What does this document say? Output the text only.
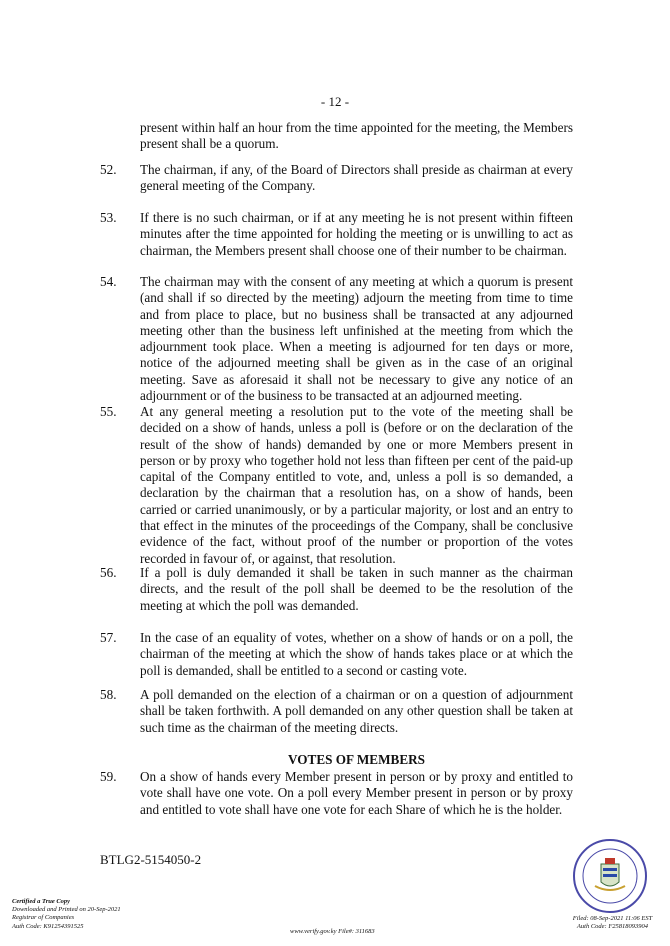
- 12 -
present within half an hour from the time appointed for the meeting, the Members present shall be a quorum.
52. The chairman, if any, of the Board of Directors shall preside as chairman at every general meeting of the Company.
53. If there is no such chairman, or if at any meeting he is not present within fifteen minutes after the time appointed for holding the meeting or is unwilling to act as chairman, the Members present shall choose one of their number to be chairman.
54. The chairman may with the consent of any meeting at which a quorum is present (and shall if so directed by the meeting) adjourn the meeting from time to time and from place to place, but no business shall be transacted at any adjourned meeting other than the business left unfinished at the meeting from which the adjournment took place. When a meeting is adjourned for ten days or more, notice of the adjourned meeting shall be given as in the case of an original meeting. Save as aforesaid it shall not be necessary to give any notice of an adjournment or of the business to be transacted at an adjourned meeting.
55. At any general meeting a resolution put to the vote of the meeting shall be decided on a show of hands, unless a poll is (before or on the declaration of the result of the show of hands) demanded by one or more Members present in person or by proxy who together hold not less than fifteen per cent of the paid-up capital of the Company entitled to vote, and, unless a poll is so demanded, a declaration by the chairman that a resolution has, on a show of hands, been carried or carried unanimously, or by a particular majority, or lost and an entry to that effect in the minutes of the proceedings of the Company, shall be conclusive evidence of the fact, without proof of the number or proportion of the votes recorded in favour of, or against, that resolution.
56. If a poll is duly demanded it shall be taken in such manner as the chairman directs, and the result of the poll shall be deemed to be the resolution of the meeting at which the poll was demanded.
57. In the case of an equality of votes, whether on a show of hands or on a poll, the chairman of the meeting at which the show of hands takes place or at which the poll is demanded, shall be entitled to a second or casting vote.
58. A poll demanded on the election of a chairman or on a question of adjournment shall be taken forthwith. A poll demanded on any other question shall be taken at such time as the chairman of the meeting directs.
VOTES OF MEMBERS
59. On a show of hands every Member present in person or by proxy and entitled to vote shall have one vote. On a poll every Member present in person or by proxy and entitled to vote shall have one vote for each Share of which he is the holder.
BTLG2-5154050-2
Certified a True Copy
Downloaded and Printed on 20-Sep-2021
Registrar of Companies
Auth Code: K91254391525
www.verify.gov.ky File#: 311683
Filed: 08-Sep-2021 11:06 EST
Auth Code: F25818093904
